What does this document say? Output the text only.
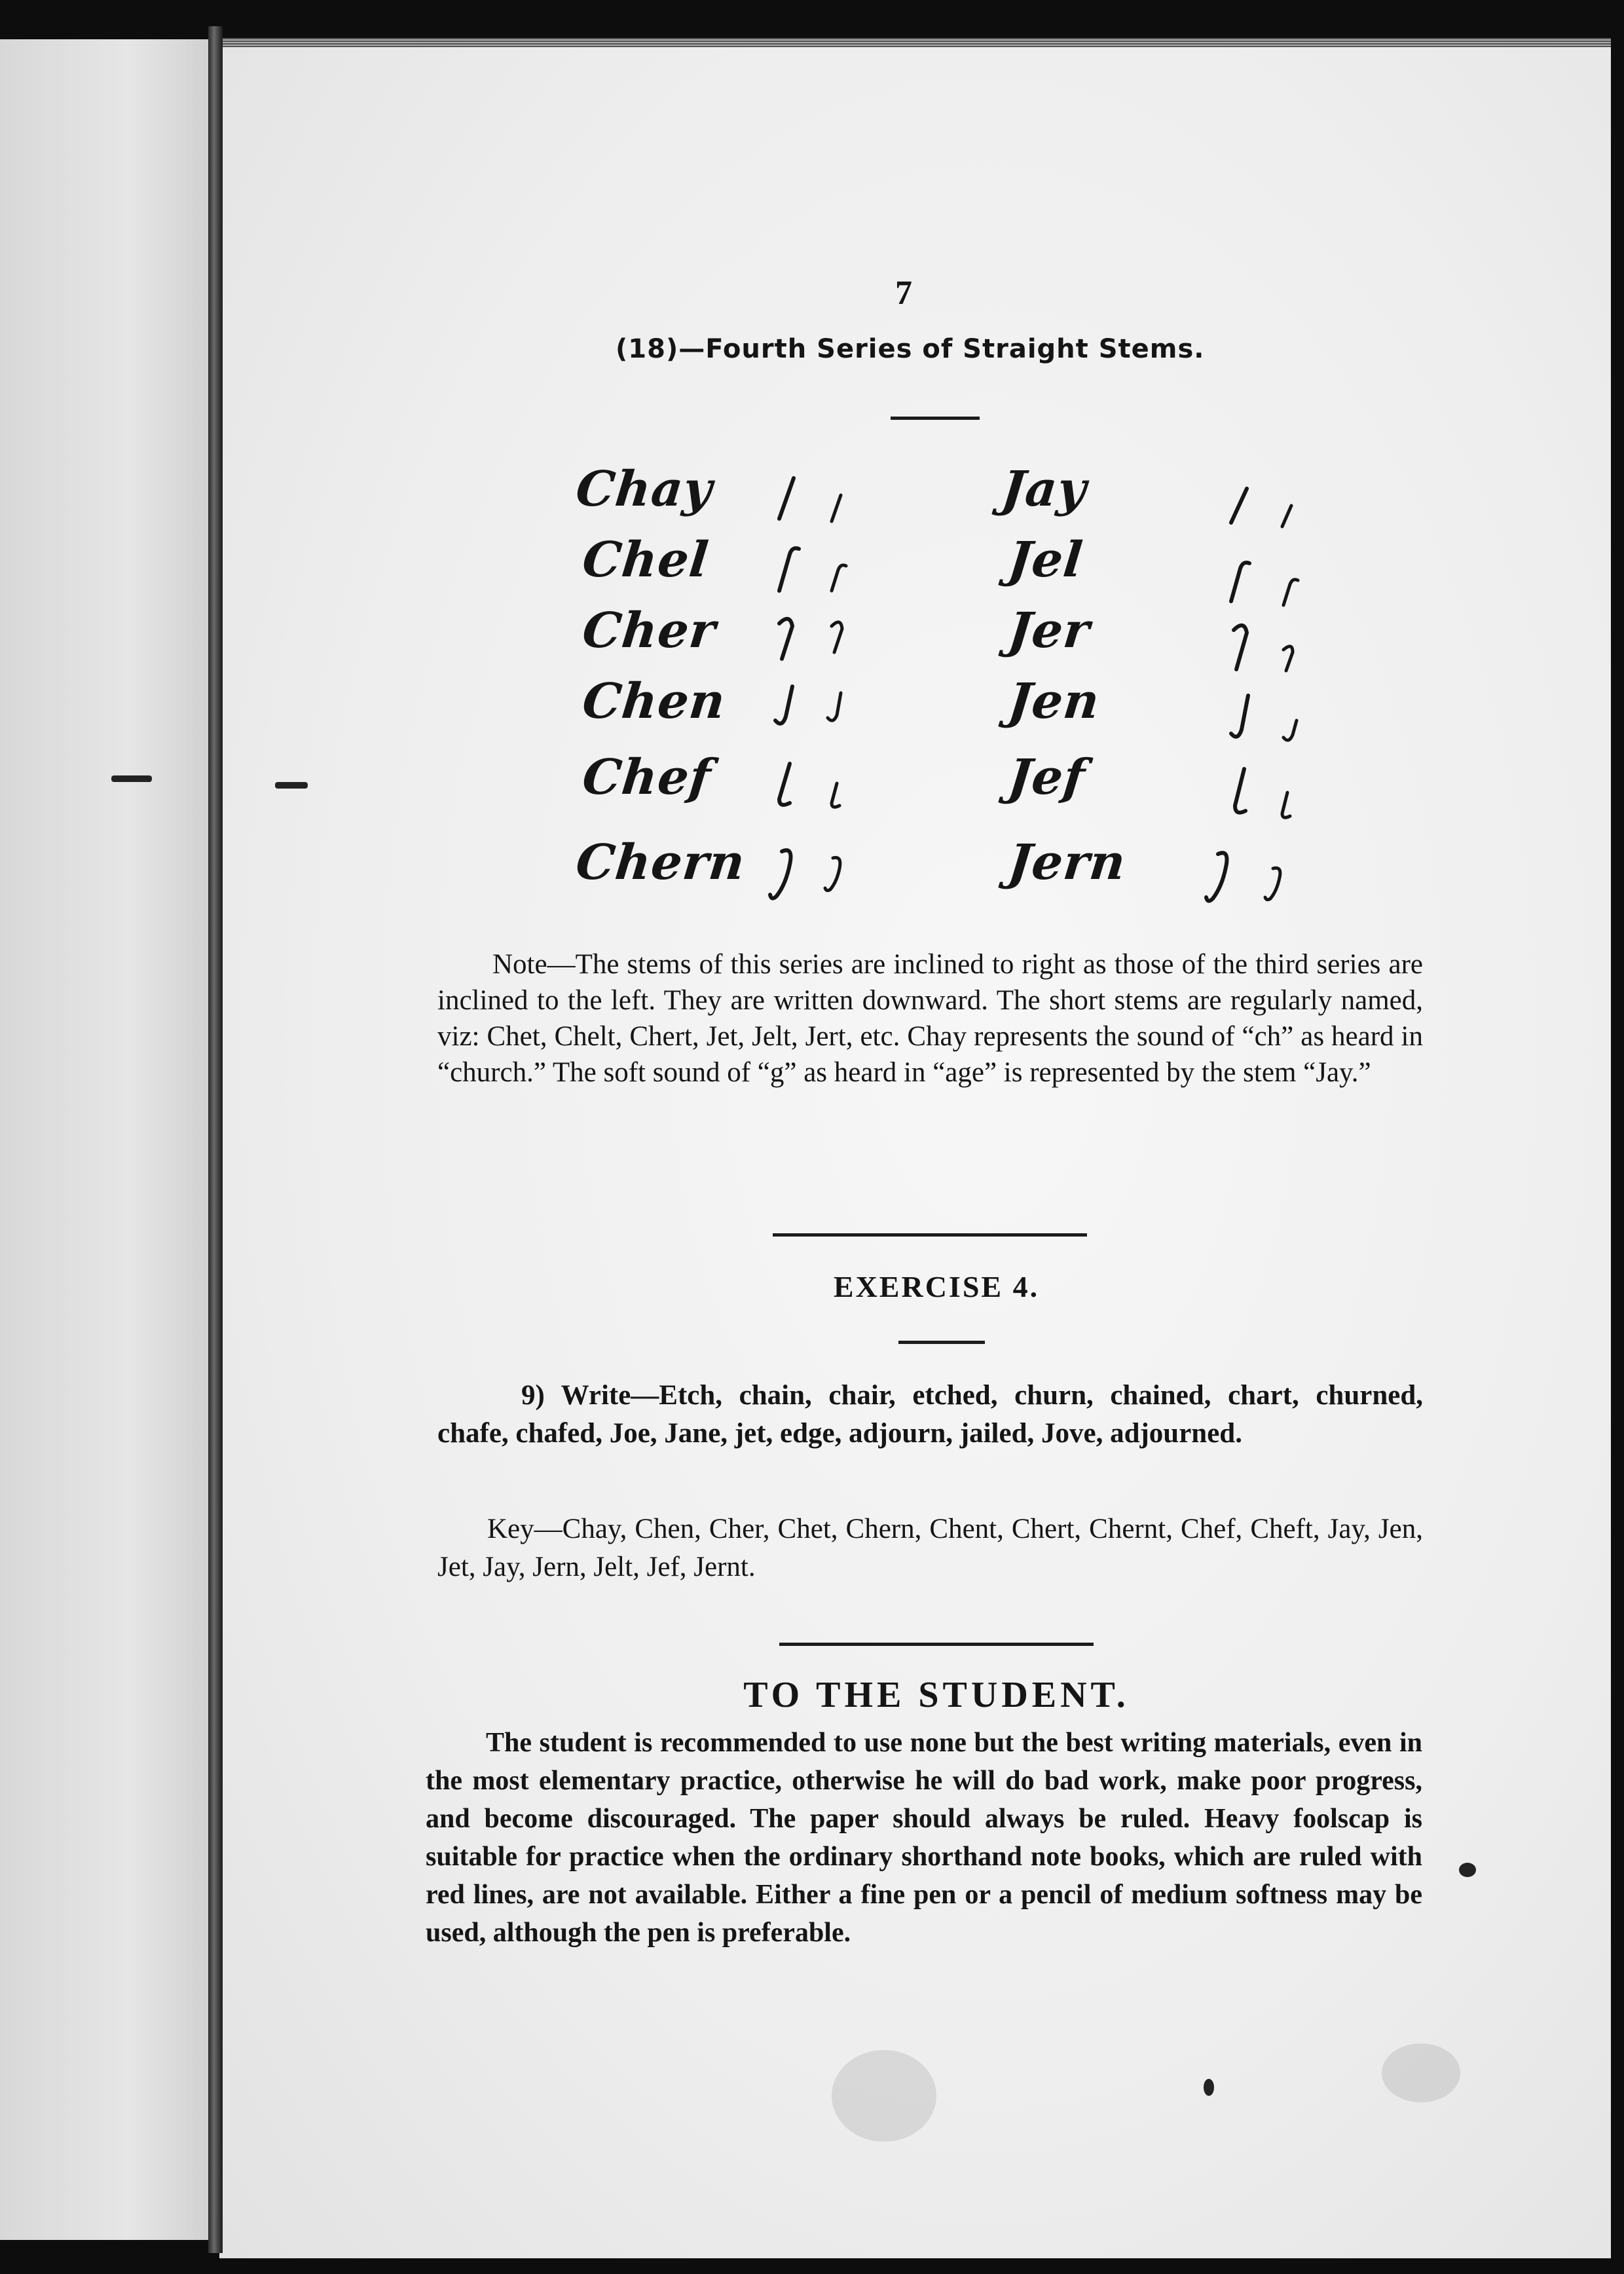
7
(18)—Fourth Series of Straight Stems.
Chay	Jay
Chel	Jel
Cher	Jer
Chen	Jen
Chef	Jef
Chern	Jern
Note—The stems of this series are inclined to right as those of the third series are inclined to the left. They are written downward. The short stems are regularly named, viz: Chet, Chelt, Chert, Jet, Jelt, Jert, etc. Chay represents the sound of “ch” as heard in “church.” The soft sound of “g” as heard in “age” is represented by the stem “Jay.”
EXERCISE 4.
9) Write—Etch, chain, chair, etched, churn, chained, chart, churned, chafe, chafed, Joe, Jane, jet, edge, adjourn, jailed, Jove, adjourned.
Key—Chay, Chen, Cher, Chet, Chern, Chent, Chert, Chernt, Chef, Cheft, Jay, Jen, Jet, Jay, Jern, Jelt, Jef, Jernt.
TO THE STUDENT.
The student is recommended to use none but the best writing materials, even in the most elementary practice, otherwise he will do bad work, make poor progress, and become discouraged. The paper should always be ruled. Heavy foolscap is suitable for practice when the ordinary shorthand note books, which are ruled with red lines, are not available. Either a fine pen or a pencil of medium softness may be used, although the pen is preferable.
